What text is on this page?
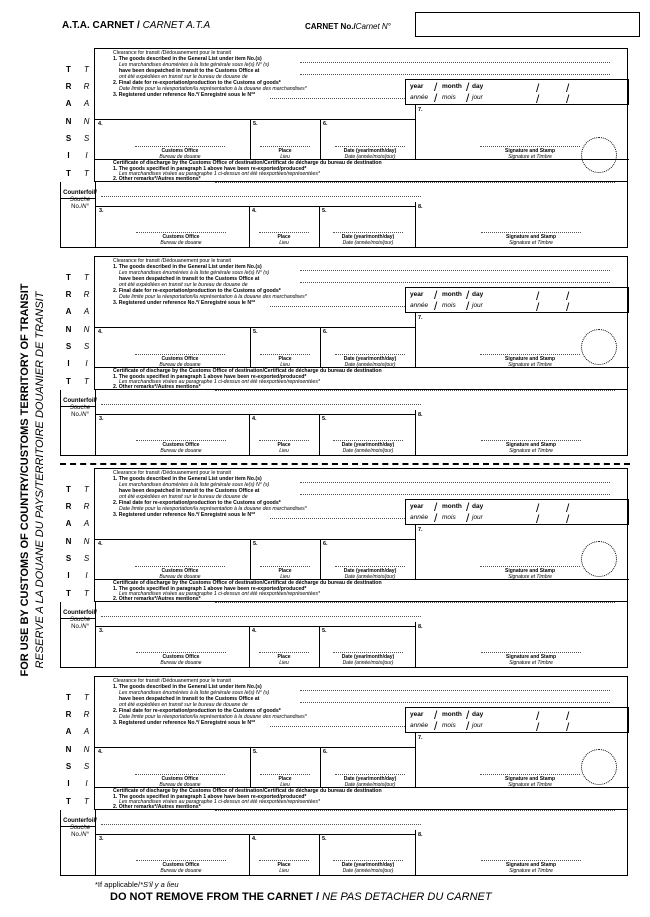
A.T.A. CARNET / CARNET A.T.A	CARNET No./Carnet N°
FOR USE BY CUSTOMS OF COUNTRY/CUSTOMS TERRITORY OF TRANSIT RESERVE A LA DOUANE DU PAYS/TERRITOIRE DOUANIER DE TRANSIT
T	T
R	R
A	A
N	N
S	S
I	I
T	T
Clearance for transit /Dédouanement pour le transit
1. The goods described in the General List under item No.(s)
Les marchandises énumérées à la liste générale sous le(s) N° (s)
have been despatched in transit to the Customs Office at
ont été expédiées en transit sur le bureau de douane de
2. Final date for re-exportation/production to the Customs of goods*
Date limite pour la réexportation/la représentation à la douane des marchandises*
3. Registered under reference No.*/ Enregistré sous le N°*
year / month / day
année / mois / jour
/ /
/ /
4.	5.	6.
7.
Customs Office
Bureau de douane
Place
Lieu
Date (year/month/day)
Date (année/mois/jour)
Signature and Stamp
Signature et Timbre
Certificate of discharge by the Customs Office of destination/Certificat de décharge du bureau de destination
1. The goods specified in paragraph 1 above have been re-exported/produced*
Les marchandises visées au paragraphe 1 ci-dessus ont été réexportées/représentées*
2. Other remarks*/Autres mentions*
Counterfoil/
Souche
No./N°
3.	4.	5.
8.
Customs Office
Bureau de douane
Place
Lieu
Date (year/month/day)
Date (année/mois/jour)
Signature and Stamp
Signature et Timbre
T	T
R	R
A	A
N	N
S	S
I	I
T	T
Clearance for transit /Dédouanement pour le transit
1. The goods described in the General List under item No.(s)
Les marchandises énumérées à la liste générale sous le(s) N° (s)
have been despatched in transit to the Customs Office at
ont été expédiées en transit sur le bureau de douane de
2. Final date for re-exportation/production to the Customs of goods*
Date limite pour la réexportation/la représentation à la douane des marchandises*
3. Registered under reference No.*/ Enregistré sous le N°*
year / month / day
année / mois / jour
/ /
/ /
4.	5.	6.
7.
Customs Office
Bureau de douane
Place
Lieu
Date (year/month/day)
Date (année/mois/jour)
Signature and Stamp
Signature et Timbre
Certificate of discharge by the Customs Office of destination/Certificat de décharge du bureau de destination
1. The goods specified in paragraph 1 above have been re-exported/produced*
Les marchandises visées au paragraphe 1 ci-dessus ont été réexportées/représentées*
2. Other remarks*/Autres mentions*
Counterfoil/
Souche
No./N°
3.	4.	5.
8.
Customs Office
Bureau de douane
Place
Lieu
Date (year/month/day)
Date (année/mois/jour)
Signature and Stamp
Signature et Timbre
T	T
R	R
A	A
N	N
S	S
I	I
T	T
Clearance for transit /Dédouanement pour le transit
1. The goods described in the General List under item No.(s)
Les marchandises énumérées à la liste générale sous le(s) N° (s)
have been despatched in transit to the Customs Office at
ont été expédiées en transit sur le bureau de douane de
2. Final date for re-exportation/production to the Customs of goods*
Date limite pour la réexportation/la représentation à la douane des marchandises*
3. Registered under reference No.*/ Enregistré sous le N°*
year / month / day
année / mois / jour
/ /
/ /
4.	5.	6.
7.
Customs Office
Bureau de douane
Place
Lieu
Date (year/month/day)
Date (année/mois/jour)
Signature and Stamp
Signature et Timbre
Certificate of discharge by the Customs Office of destination/Certificat de décharge du bureau de destination
1. The goods specified in paragraph 1 above have been re-exported/produced*
Les marchandises visées au paragraphe 1 ci-dessus ont été réexportées/représentées*
2. Other remarks*/Autres mentions*
Counterfoil/
Souche
No./N°
3.	4.	5.
8.
Customs Office
Bureau de douane
Place
Lieu
Date (year/month/day)
Date (année/mois/jour)
Signature and Stamp
Signature et Timbre
T	T
R	R
A	A
N	N
S	S
I	I
T	T
Clearance for transit /Dédouanement pour le transit
1. The goods described in the General List under item No.(s)
Les marchandises énumérées à la liste générale sous le(s) N° (s)
have been despatched in transit to the Customs Office at
ont été expédiées en transit sur le bureau de douane de
2. Final date for re-exportation/production to the Customs of goods*
Date limite pour la réexportation/la représentation à la douane des marchandises*
3. Registered under reference No.*/ Enregistré sous le N°*
year / month / day
année / mois / jour
/ /
/ /
4.	5.	6.
7.
Customs Office
Bureau de douane
Place
Lieu
Date (year/month/day)
Date (année/mois/jour)
Signature and Stamp
Signature et Timbre
Certificate of discharge by the Customs Office of destination/Certificat de décharge du bureau de destination
1. The goods specified in paragraph 1 above have been re-exported/produced*
Les marchandises visées au paragraphe 1 ci-dessus ont été réexportées/représentées*
2. Other remarks*/Autres mentions*
Counterfoil/
Souche
No./N°
3.	4.	5.
8.
Customs Office
Bureau de douane
Place
Lieu
Date (year/month/day)
Date (année/mois/jour)
Signature and Stamp
Signature et Timbre
*If applicable/*S'il y a lieu
DO NOT REMOVE FROM THE CARNET / NE PAS DETACHER DU CARNET
